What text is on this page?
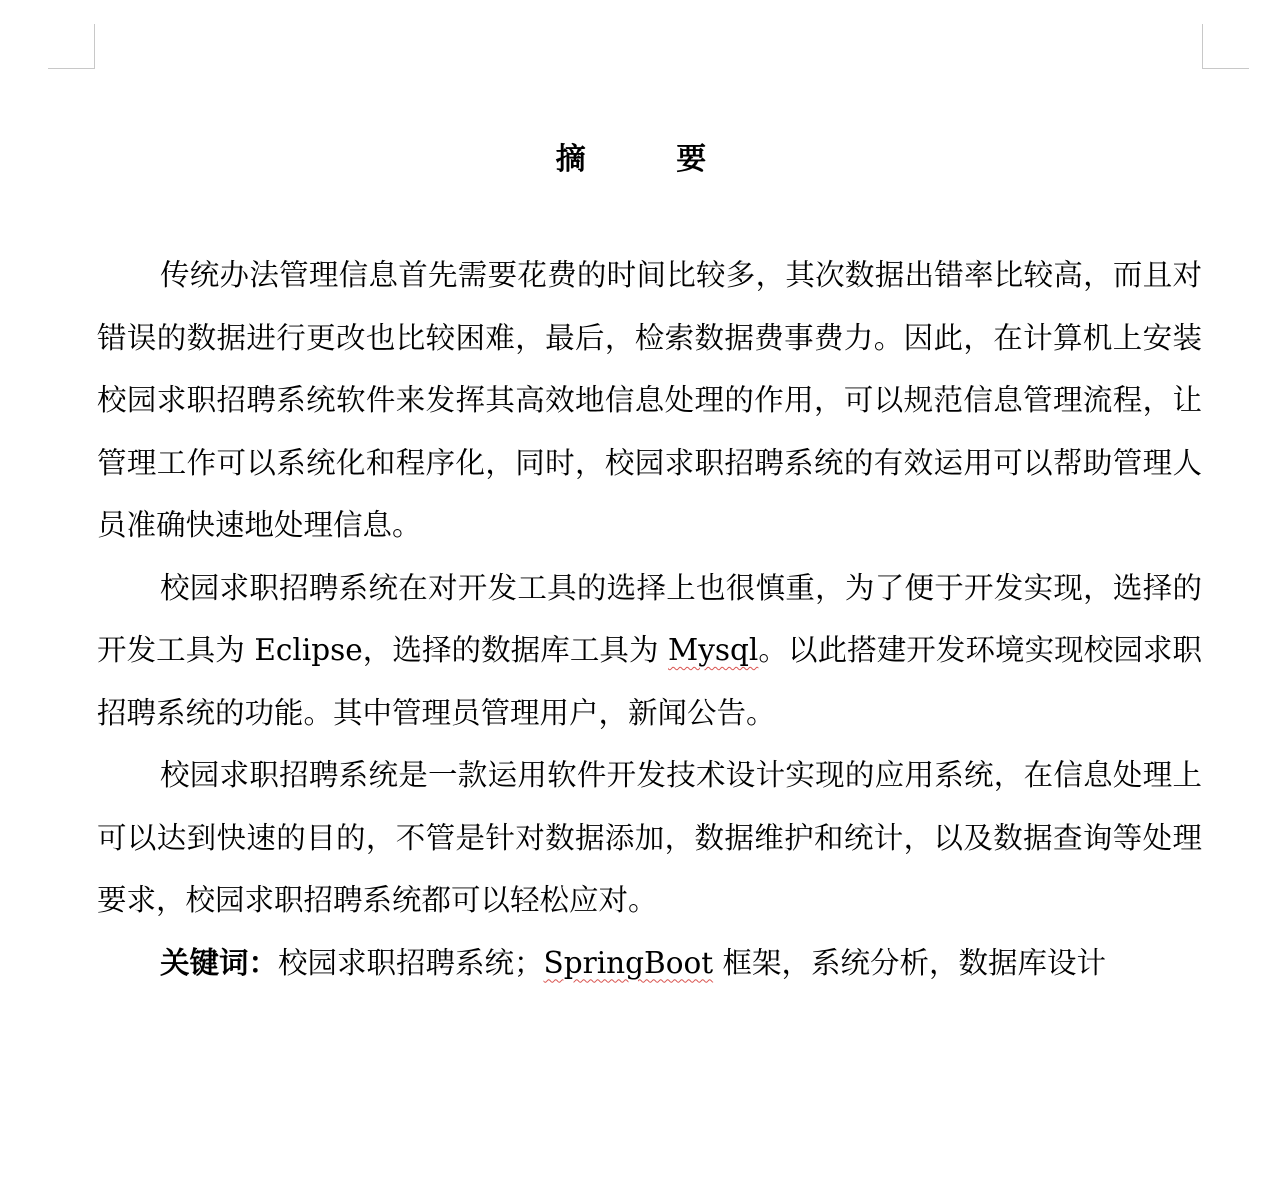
摘 要

传统办法管理信息首先需要花费的时间比较多，其次数据出错率比较高，而且对错误的数据进行更改也比较困难，最后，检索数据费事费力。因此，在计算机上安装校园求职招聘系统软件来发挥其高效地信息处理的作用，可以规范信息管理流程，让管理工作可以系统化和程序化，同时，校园求职招聘系统的有效运用可以帮助管理人员准确快速地处理信息。

校园求职招聘系统在对开发工具的选择上也很慎重，为了便于开发实现，选择的开发工具为 Eclipse，选择的数据库工具为 Mysql。以此搭建开发环境实现校园求职招聘系统的功能。其中管理员管理用户，新闻公告。

校园求职招聘系统是一款运用软件开发技术设计实现的应用系统，在信息处理上可以达到快速的目的，不管是针对数据添加，数据维护和统计，以及数据查询等处理要求，校园求职招聘系统都可以轻松应对。

关键词：校园求职招聘系统；SpringBoot 框架，系统分析，数据库设计
